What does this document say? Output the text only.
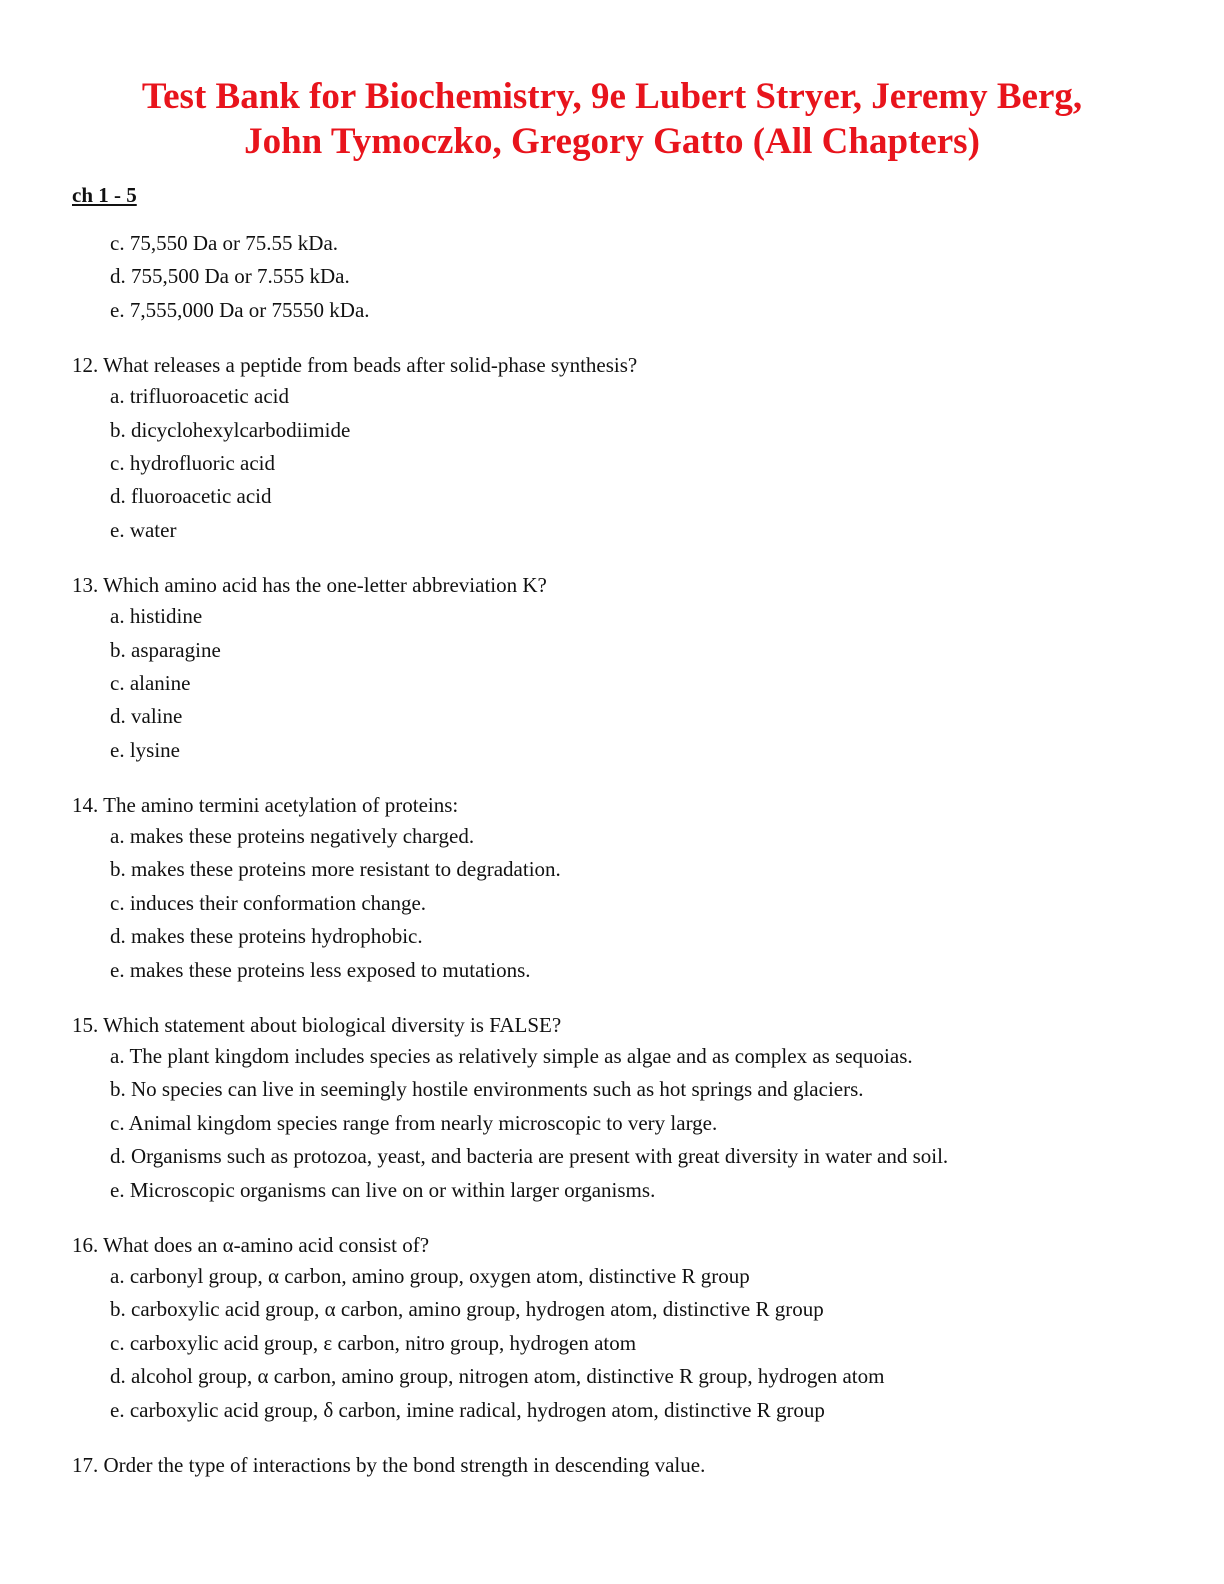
Test Bank for Biochemistry, 9e Lubert Stryer, Jeremy Berg,
John Tymoczko, Gregory Gatto (All Chapters)
ch 1 - 5
c. 75,550 Da or 75.55 kDa.
d. 755,500 Da or 7.555 kDa.
e. 7,555,000 Da or 75550 kDa.
12. What releases a peptide from beads after solid-phase synthesis?
a. trifluoroacetic acid
b. dicyclohexylcarbodiimide
c. hydrofluoric acid
d. fluoroacetic acid
e. water
13. Which amino acid has the one-letter abbreviation K?
a. histidine
b. asparagine
c. alanine
d. valine
e. lysine
14. The amino termini acetylation of proteins:
a. makes these proteins negatively charged.
b. makes these proteins more resistant to degradation.
c. induces their conformation change.
d. makes these proteins hydrophobic.
e. makes these proteins less exposed to mutations.
15. Which statement about biological diversity is FALSE?
a. The plant kingdom includes species as relatively simple as algae and as complex as sequoias.
b. No species can live in seemingly hostile environments such as hot springs and glaciers.
c. Animal kingdom species range from nearly microscopic to very large.
d. Organisms such as protozoa, yeast, and bacteria are present with great diversity in water and soil.
e. Microscopic organisms can live on or within larger organisms.
16. What does an α-amino acid consist of?
a. carbonyl group, α carbon, amino group, oxygen atom, distinctive R group
b. carboxylic acid group, α carbon, amino group, hydrogen atom, distinctive R group
c. carboxylic acid group, ε carbon, nitro group, hydrogen atom
d. alcohol group, α carbon, amino group, nitrogen atom, distinctive R group, hydrogen atom
e. carboxylic acid group, δ carbon, imine radical, hydrogen atom, distinctive R group
17. Order the type of interactions by the bond strength in descending value.
